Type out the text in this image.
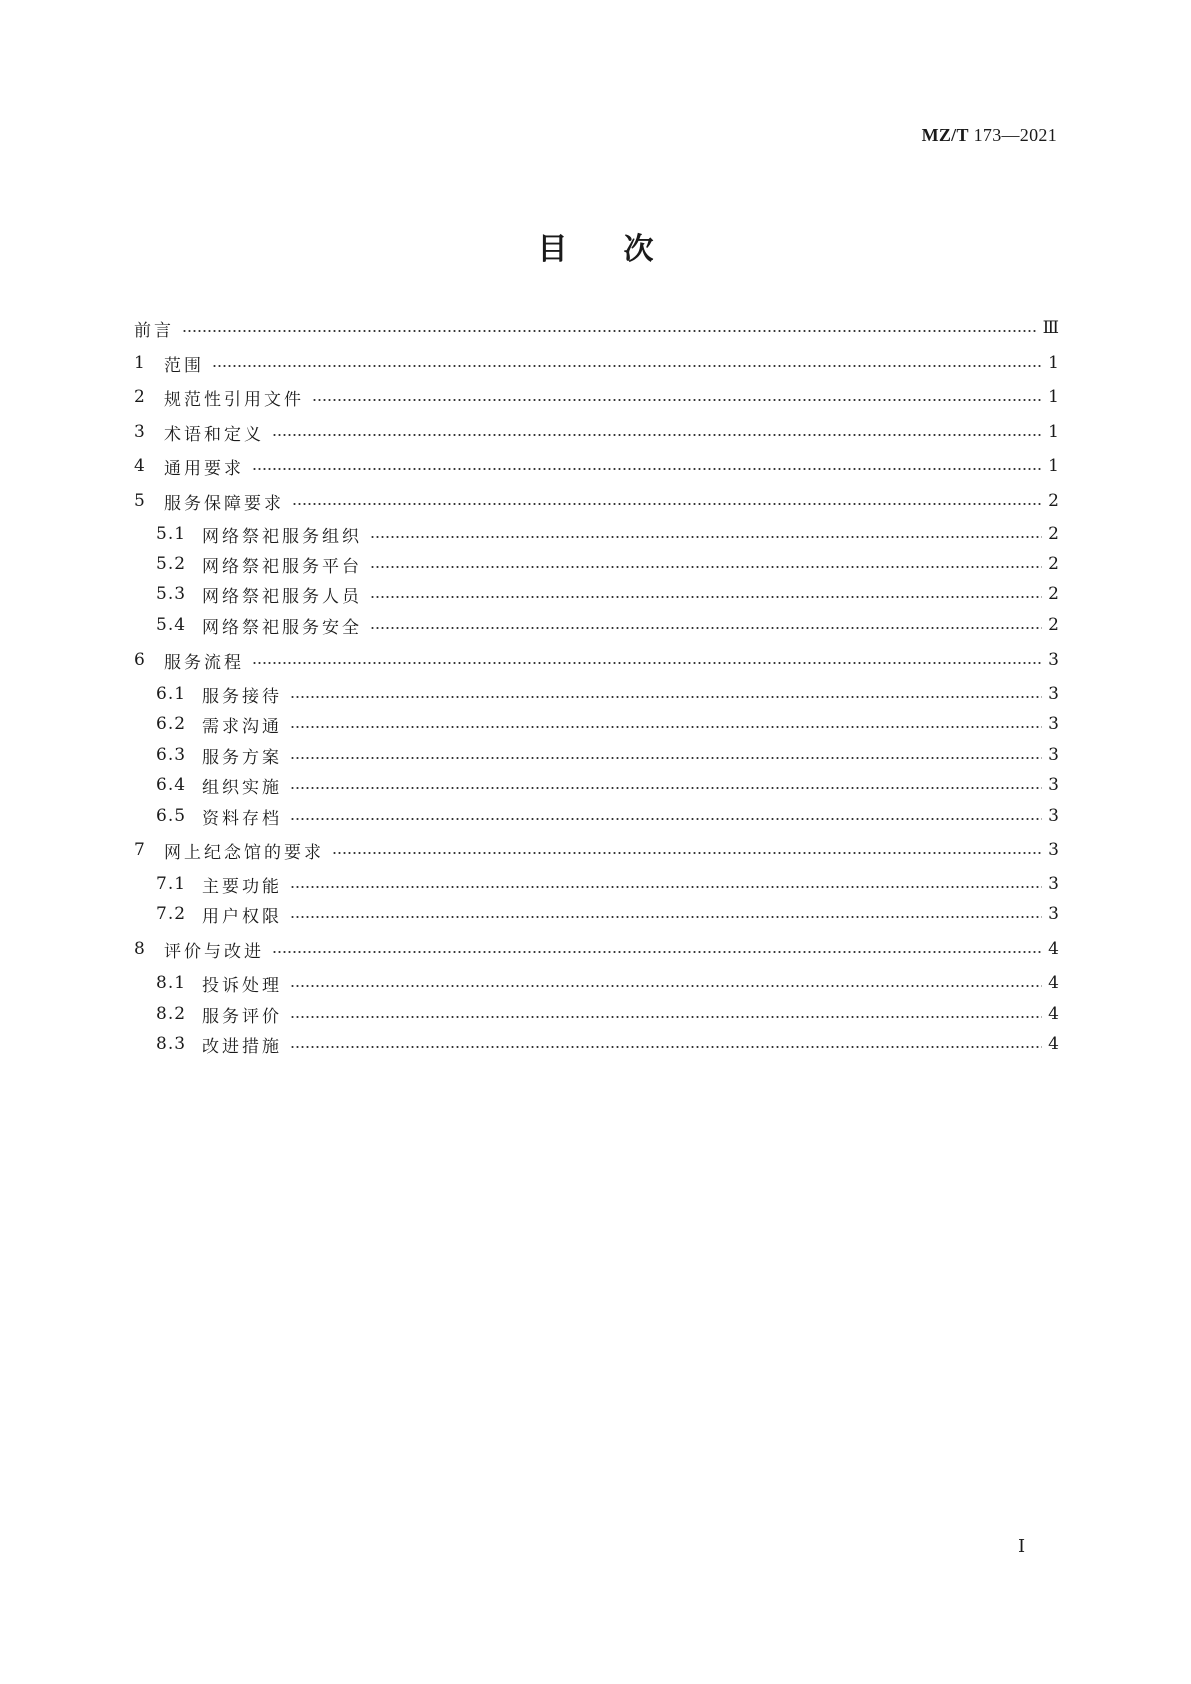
MZ/T 173—2021
目次
前言	Ⅲ
1	范围	1
2	规范性引用文件	1
3	术语和定义	1
4	通用要求	1
5	服务保障要求	2
5.1 网络祭祀服务组织	2
5.2 网络祭祀服务平台	2
5.3 网络祭祀服务人员	2
5.4 网络祭祀服务安全	2
6	服务流程	3
6.1 服务接待	3
6.2 需求沟通	3
6.3 服务方案	3
6.4 组织实施	3
6.5 资料存档	3
7	网上纪念馆的要求	3
7.1 主要功能	3
7.2 用户权限	3
8	评价与改进	4
8.1 投诉处理	4
8.2 服务评价	4
8.3 改进措施	4
I
